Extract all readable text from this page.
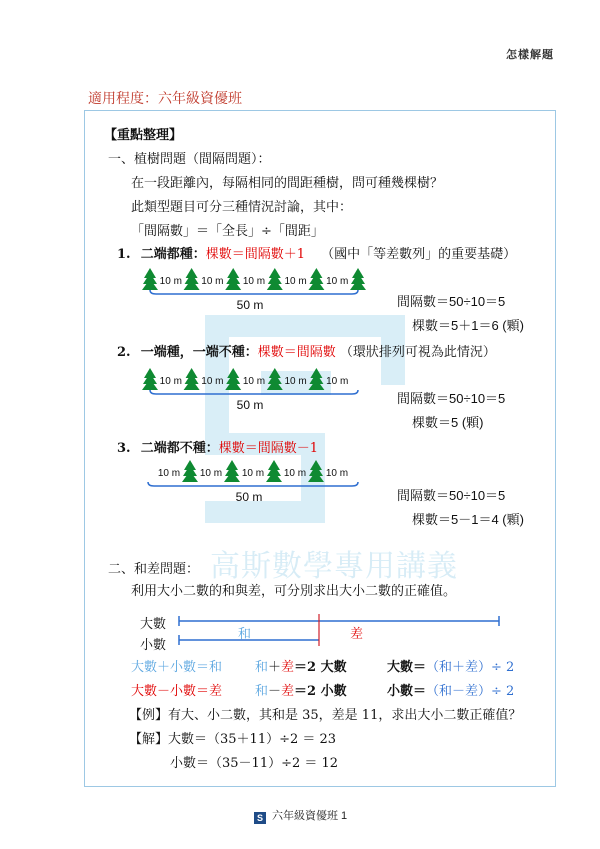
怎樣解題
適用程度：六年級資優班
高斯數學專用講義
【重點整理】
一、植樹問題（間隔問題）：
在一段距離內，每隔相同的間距種樹，問可種幾棵樹？
此類型題目可分三種情況討論，其中：
「間隔數」＝「全長」÷「間距」
1. 二端都種：棵數＝間隔數＋1 （國中「等差數列」的重要基礎）
2. 一端種，一端不種：棵數＝間隔數 （環狀排列可視為此情況）
3. 二端都不種：棵數＝間隔數－1
間隔數＝50÷10＝5
棵數＝5＋1＝6 (顆)
間隔數＝50÷10＝5
棵數＝5 (顆)
間隔數＝50÷10＝5
棵數＝5－1＝4 (顆)
10 m 10 m 10 m 10 m 10 m
50 m
10 m 10 m 10 m 10 m 10 m
50 m
10 m 10 m 10 m 10 m 10 m
50 m
二、和差問題：
利用大小二數的和與差，可分別求出大小二數的正確值。
大數
小數
和	差
大數＋小數＝和	和＋差＝2 大數	大數＝（和＋差）÷ 2
大數－小數＝差	和－差＝2 小數	小數＝（和－差）÷ 2
【例】有大、小二數，其和是 35，差是 11，求出大小二數正確值？
【解】大數＝（35＋11）÷2 ＝ 23
小數＝（35－11）÷2 ＝ 12
S 六年級資優班 1
